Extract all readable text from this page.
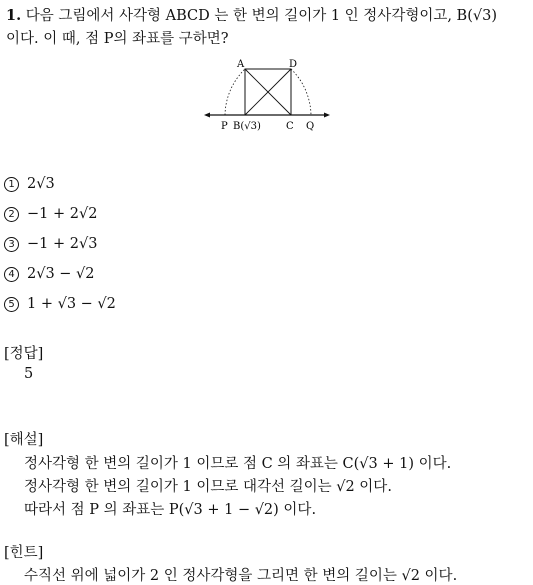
1. 다음 그림에서 사각형 ABCD 는 한 변의 길이가 1 인 정사각형이고, B(√3)
이다. 이 때, 점 P의 좌표를 구하면?
A	D
P B(√3)	C Q
1 2√3
2 −1 + 2√2
3 −1 + 2√3
4 2√3 − √2
5 1 + √3 − √2
[정답]
5
[해설]
정사각형 한 변의 길이가 1 이므로 점 C 의 좌표는 C(√3 + 1) 이다.
정사각형 한 변의 길이가 1 이므로 대각선 길이는 √2 이다.
따라서 점 P 의 좌표는 P(√3 + 1 − √2) 이다.
[힌트]
수직선 위에 넓이가 2 인 정사각형을 그리면 한 변의 길이는 √2 이다.
